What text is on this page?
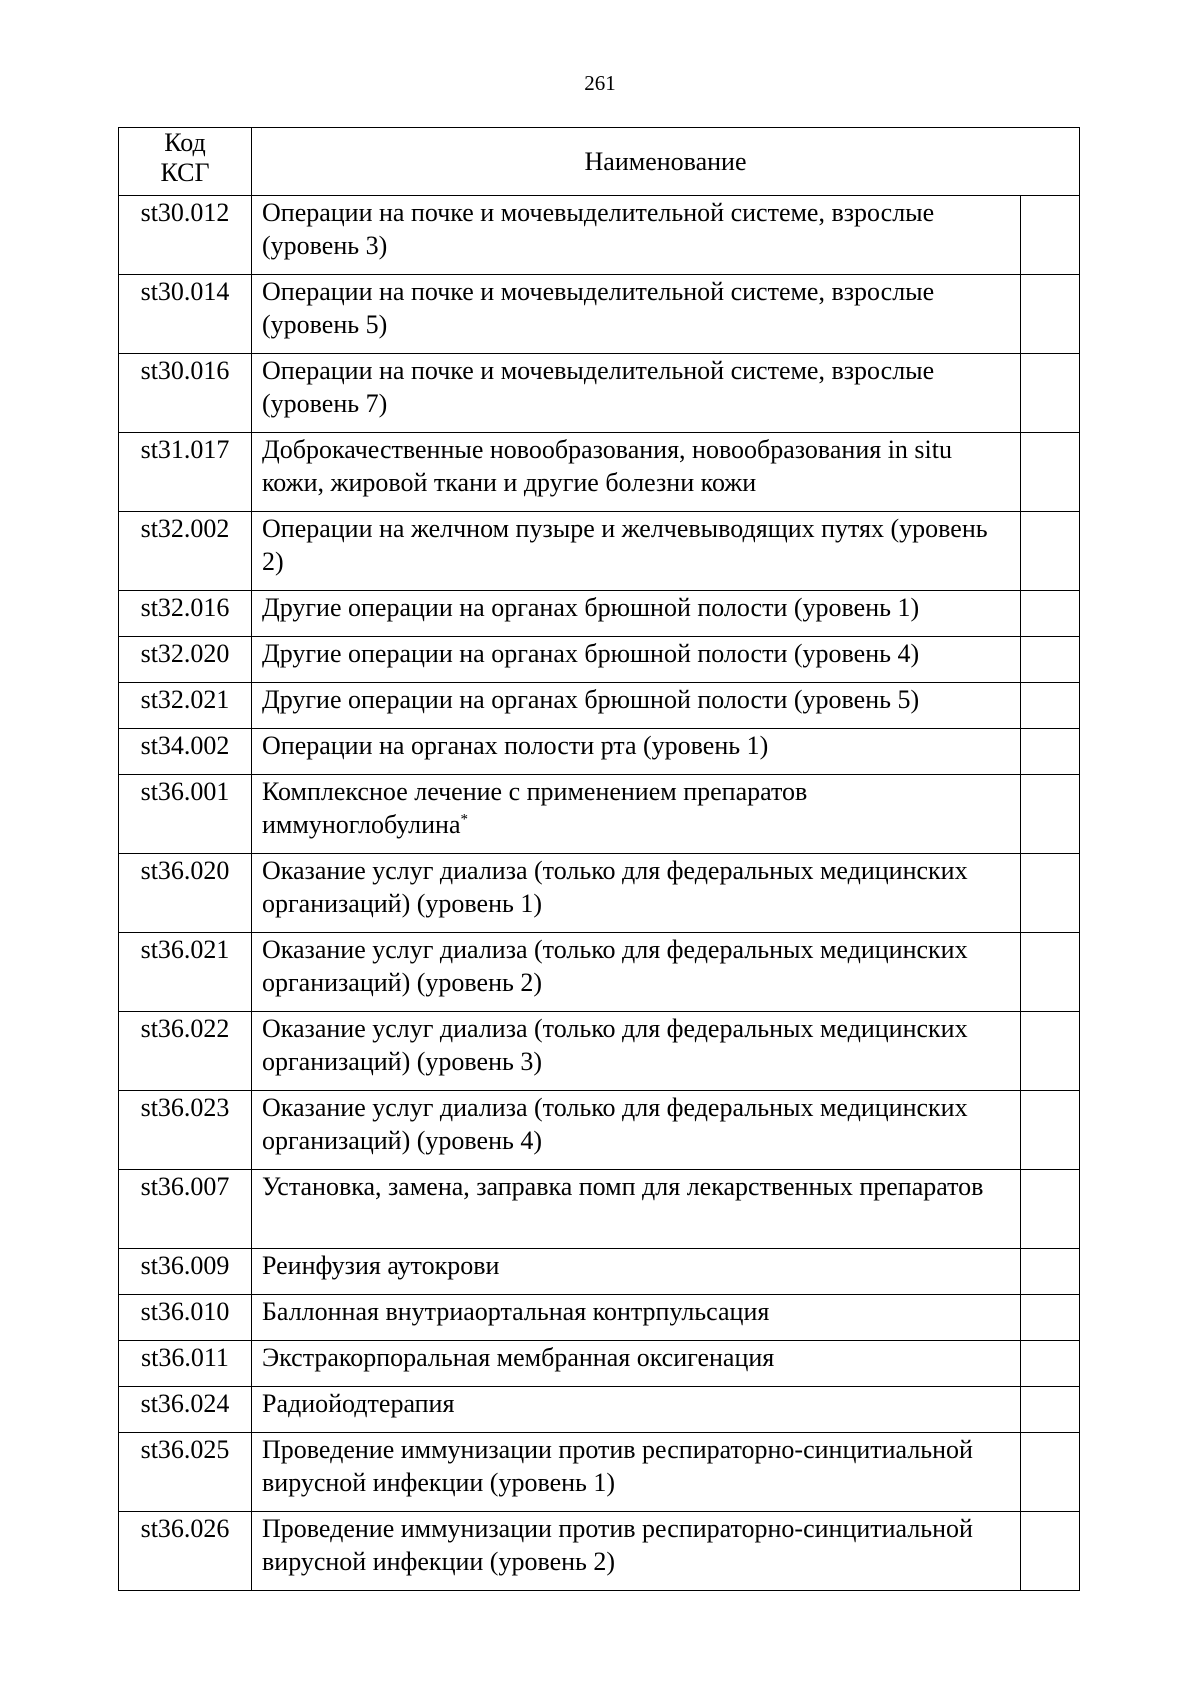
261
Код
КСГ	Наименование	
st30.012	Операции на почке и мочевыделительной системе, взрослые (уровень 3)	
st30.014	Операции на почке и мочевыделительной системе, взрослые (уровень 5)	
st30.016	Операции на почке и мочевыделительной системе, взрослые (уровень 7)	
st31.017	Доброкачественные новообразования, новообразования in situ кожи, жировой ткани и другие болезни кожи	
st32.002	Операции на желчном пузыре и желчевыводящих путях (уровень 2)	
st32.016	Другие операции на органах брюшной полости (уровень 1)	
st32.020	Другие операции на органах брюшной полости (уровень 4)	
st32.021	Другие операции на органах брюшной полости (уровень 5)	
st34.002	Операции на органах полости рта (уровень 1)	
st36.001	Комплексное лечение с применением препаратов иммуноглобулина*	
st36.020	Оказание услуг диализа (только для федеральных медицинских организаций) (уровень 1)	
st36.021	Оказание услуг диализа (только для федеральных медицинских организаций) (уровень 2)	
st36.022	Оказание услуг диализа (только для федеральных медицинских организаций) (уровень 3)	
st36.023	Оказание услуг диализа (только для федеральных медицинских организаций) (уровень 4)	
st36.007	Установка, замена, заправка помп для лекарственных препаратов	
st36.009	Реинфузия аутокрови	
st36.010	Баллонная внутриаортальная контрпульсация	
st36.011	Экстракорпоральная мембранная оксигенация	
st36.024	Радиойодтерапия	
st36.025	Проведение иммунизации против респираторно-синцитиальной вирусной инфекции (уровень 1)	
st36.026	Проведение иммунизации против респираторно-синцитиальной вирусной инфекции (уровень 2)	
